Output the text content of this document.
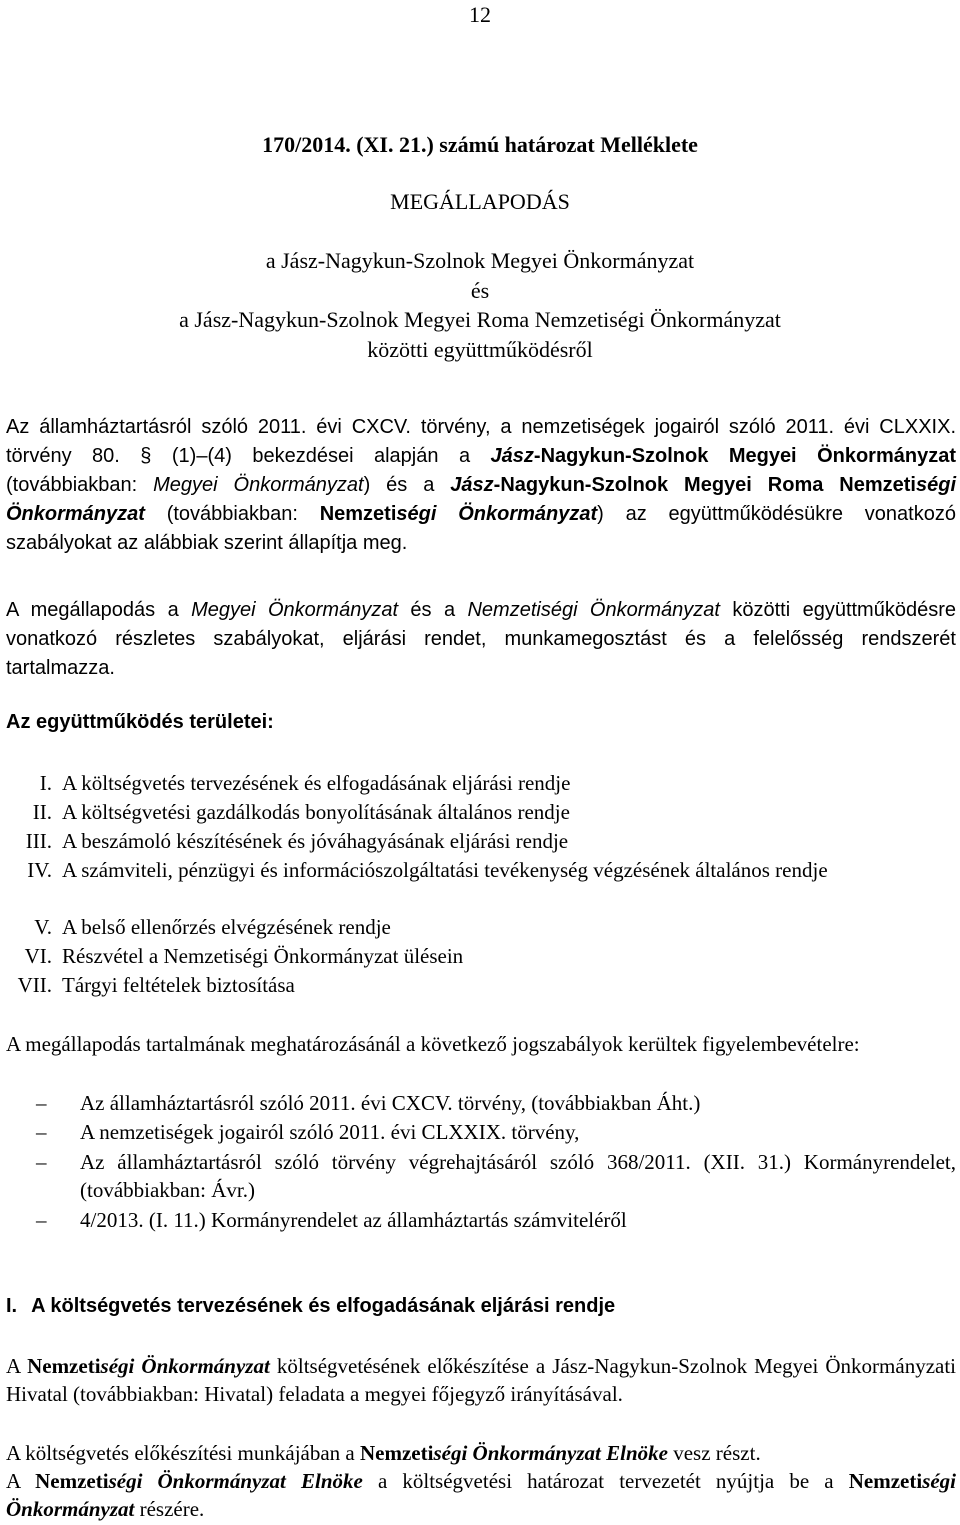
12
170/2014. (XI. 21.) számú határozat Melléklete
MEGÁLLAPODÁS
a Jász-Nagykun-Szolnok Megyei Önkormányzat
és
a Jász-Nagykun-Szolnok Megyei Roma Nemzetiségi Önkormányzat
közötti együttműködésről
Az államháztartásról szóló 2011. évi CXCV. törvény, a nemzetiségek jogairól szóló 2011. évi CLXXIX. törvény 80. § (1)–(4) bekezdései alapján a Jász-Nagykun-Szolnok Megyei Önkormányzat (továbbiakban: Megyei Önkormányzat) és a Jász-Nagykun-Szolnok Megyei Roma Nemzetiségi Önkormányzat (továbbiakban: Nemzetiségi Önkormányzat) az együttműködésükre vonatkozó szabályokat az alábbiak szerint állapítja meg.
A megállapodás a Megyei Önkormányzat és a Nemzetiségi Önkormányzat közötti együttműködésre vonatkozó részletes szabályokat, eljárási rendet, munkamegosztást és a felelősség rendszerét tartalmazza.
Az együttműködés területei:
I. A költségvetés tervezésének és elfogadásának eljárási rendje
II. A költségvetési gazdálkodás bonyolításának általános rendje
III. A beszámoló készítésének és jóváhagyásának eljárási rendje
IV. A számviteli, pénzügyi és információszolgáltatási tevékenység végzésének általános rendje
V. A belső ellenőrzés elvégzésének rendje
VI. Részvétel a Nemzetiségi Önkormányzat ülésein
VII. Tárgyi feltételek biztosítása
A megállapodás tartalmának meghatározásánál a következő jogszabályok kerültek figyelembevételre:
– Az államháztartásról szóló 2011. évi CXCV. törvény, (továbbiakban Áht.)
– A nemzetiségek jogairól szóló 2011. évi CLXXIX. törvény,
– Az államháztartásról szóló törvény végrehajtásáról szóló 368/2011. (XII. 31.) Kormányrendelet, (továbbiakban: Ávr.)
– 4/2013. (I. 11.) Kormányrendelet az államháztartás számviteléről
I. A költségvetés tervezésének és elfogadásának eljárási rendje
A Nemzetiségi Önkormányzat költségvetésének előkészítése a Jász-Nagykun-Szolnok Megyei Önkormányzati Hivatal (továbbiakban: Hivatal) feladata a megyei főjegyző irányításával.
A költségvetés előkészítési munkájában a Nemzetiségi Önkormányzat Elnöke vesz részt.
A Nemzetiségi Önkormányzat Elnöke a költségvetési határozat tervezetét nyújtja be a Nemzetiségi Önkormányzat részére.
